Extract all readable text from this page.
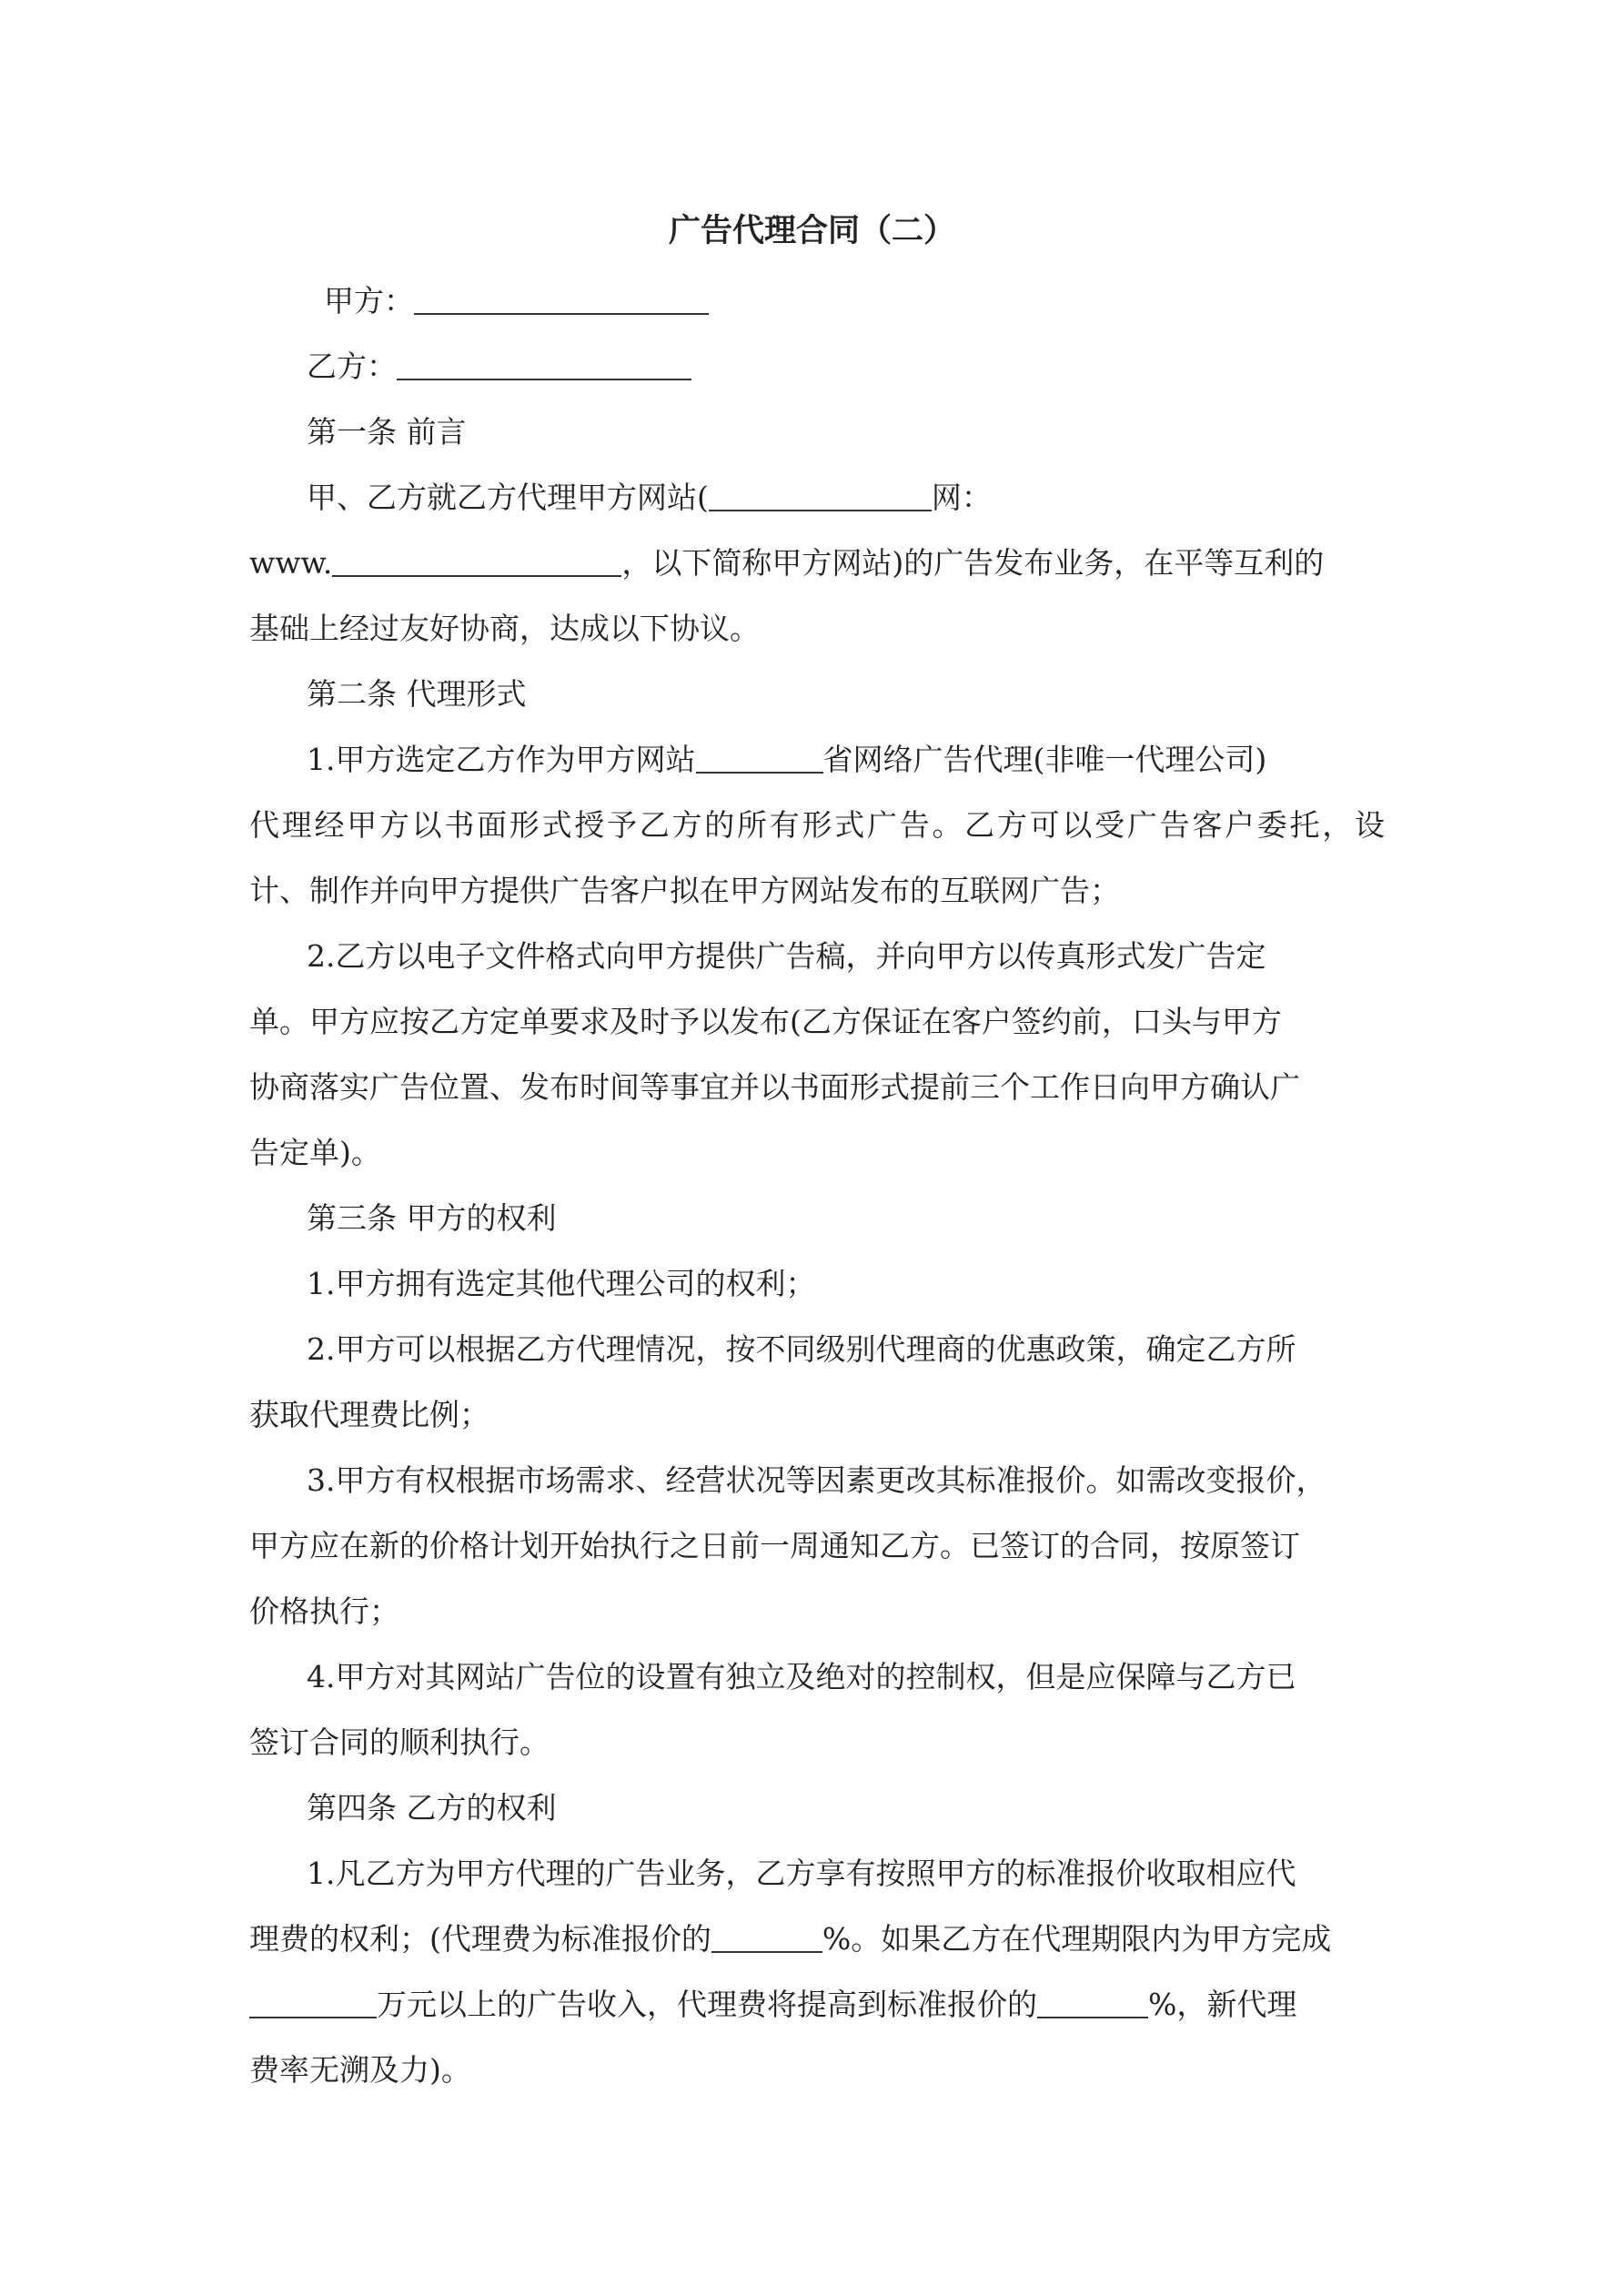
广告代理合同（二）
甲方：
乙方：
第一条 前言
甲、乙方就乙方代理甲方网站(	网：
www.	，以下简称甲方网站)的广告发布业务，在平等互利的
基础上经过友好协商，达成以下协议。
第二条 代理形式
1.甲方选定乙方作为甲方网站	省网络广告代理(非唯一代理公司)
代理经甲方以书面形式授予乙方的所有形式广告。乙方可以受广告客户委托，设
计、制作并向甲方提供广告客户拟在甲方网站发布的互联网广告；
2.乙方以电子文件格式向甲方提供广告稿，并向甲方以传真形式发广告定
单。甲方应按乙方定单要求及时予以发布(乙方保证在客户签约前，口头与甲方
协商落实广告位置、发布时间等事宜并以书面形式提前三个工作日向甲方确认广
告定单)。
第三条 甲方的权利
1.甲方拥有选定其他代理公司的权利；
2.甲方可以根据乙方代理情况，按不同级别代理商的优惠政策，确定乙方所
获取代理费比例；
3.甲方有权根据市场需求、经营状况等因素更改其标准报价。如需改变报价，
甲方应在新的价格计划开始执行之日前一周通知乙方。已签订的合同，按原签订
价格执行；
4.甲方对其网站广告位的设置有独立及绝对的控制权，但是应保障与乙方已
签订合同的顺利执行。
第四条 乙方的权利
1.凡乙方为甲方代理的广告业务，乙方享有按照甲方的标准报价收取相应代
理费的权利；(代理费为标准报价的	%。如果乙方在代理期限内为甲方完成
万元以上的广告收入，代理费将提高到标准报价的	%，新代理
费率无溯及力)。
